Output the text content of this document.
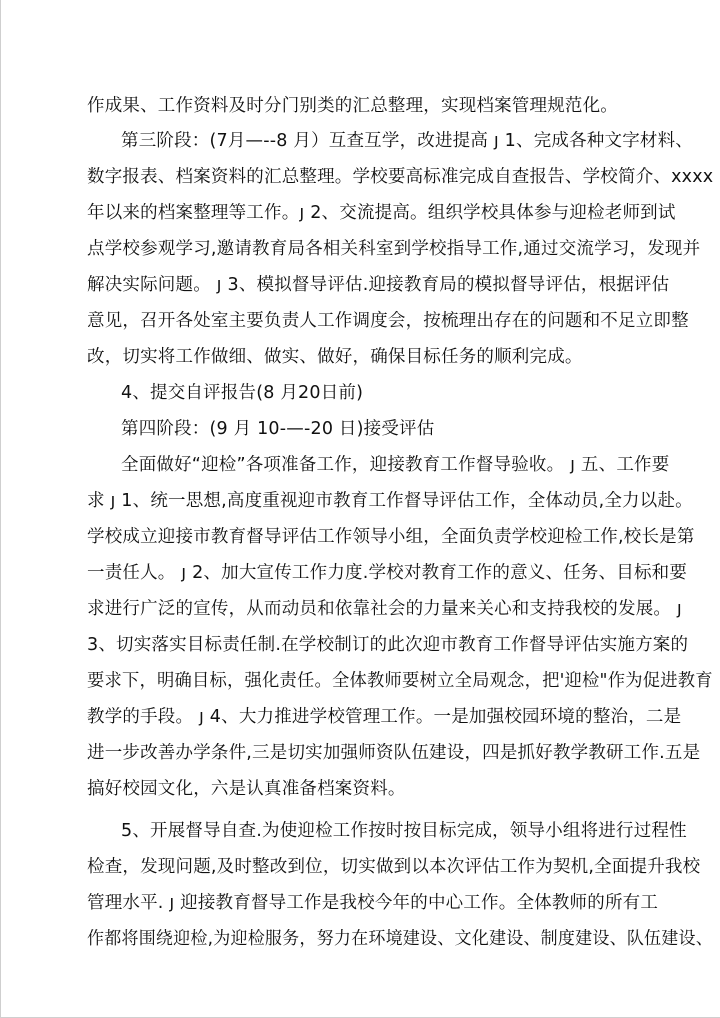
作成果、工作资料及时分门别类的汇总整理，实现档案管理规范化。
第三阶段：(7月—--8 月）互查互学，改进提高 ȷ 1、完成各种文字材料、
数字报表、档案资料的汇总整理。学校要高标准完成自查报告、学校简介、xxxx
年以来的档案整理等工作。ȷ 2、交流提高。组织学校具体参与迎检老师到试
点学校参观学习,邀请教育局各相关科室到学校指导工作,通过交流学习，发现并
解决实际问题。 ȷ 3、模拟督导评估.迎接教育局的模拟督导评估，根据评估
意见，召开各处室主要负责人工作调度会，按梳理出存在的问题和不足立即整
改，切实将工作做细、做实、做好，确保目标任务的顺利完成。
4、提交自评报告(8 月20日前)
第四阶段：(9 月 10-—-20 日)接受评估
全面做好“迎检”各项准备工作，迎接教育工作督导验收。 ȷ 五、工作要
求 ȷ 1、统一思想,高度重视迎市教育工作督导评估工作，全体动员,全力以赴。
学校成立迎接市教育督导评估工作领导小组，全面负责学校迎检工作,校长是第
一责任人。 ȷ 2、加大宣传工作力度.学校对教育工作的意义、任务、目标和要
求进行广泛的宣传，从而动员和依靠社会的力量来关心和支持我校的发展。 ȷ
3、切实落实目标责任制.在学校制订的此次迎市教育工作督导评估实施方案的
要求下，明确目标，强化责任。全体教师要树立全局观念，把'迎检"作为促进教育
教学的手段。 ȷ 4、大力推进学校管理工作。一是加强校园环境的整治，二是
进一步改善办学条件,三是切实加强师资队伍建设，四是抓好教学教研工作.五是
搞好校园文化，六是认真准备档案资料。
5、开展督导自查.为使迎检工作按时按目标完成，领导小组将进行过程性
检查，发现问题,及时整改到位，切实做到以本次评估工作为契机,全面提升我校
管理水平. ȷ 迎接教育督导工作是我校今年的中心工作。全体教师的所有工
作都将围绕迎检,为迎检服务，努力在环境建设、文化建设、制度建设、队伍建设、
